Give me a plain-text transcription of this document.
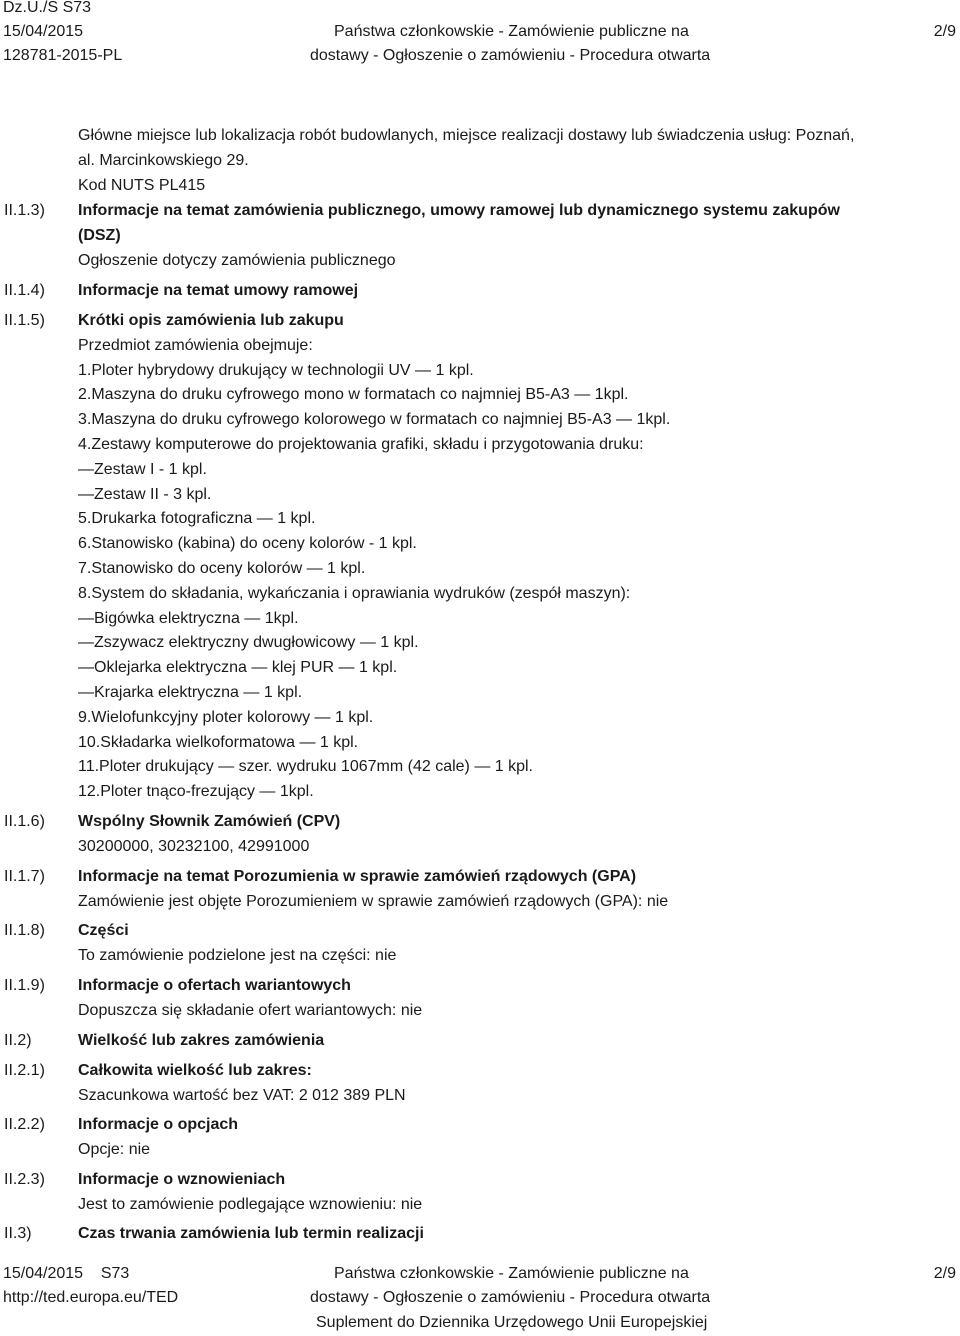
Dz.U./S S73
15/04/2015
128781-2015-PL
Państwa członkowskie - Zamówienie publiczne na
dostawy - Ogłoszenie o zamówieniu - Procedura otwarta
2/9
Główne miejsce lub lokalizacja robót budowlanych, miejsce realizacji dostawy lub świadczenia usług: Poznań,
al. Marcinkowskiego 29.
Kod NUTS PL415
II.1.3)	Informacje na temat zamówienia publicznego, umowy ramowej lub dynamicznego systemu zakupów
(DSZ)
Ogłoszenie dotyczy zamówienia publicznego
II.1.4)	Informacje na temat umowy ramowej
II.1.5)	Krótki opis zamówienia lub zakupu
Przedmiot zamówienia obejmuje:
1.Ploter hybrydowy drukujący w technologii UV — 1 kpl.
2.Maszyna do druku cyfrowego mono w formatach co najmniej B5-A3 — 1kpl.
3.Maszyna do druku cyfrowego kolorowego w formatach co najmniej B5-A3 — 1kpl.
4.Zestawy komputerowe do projektowania grafiki, składu i przygotowania druku:
—Zestaw I - 1 kpl.
—Zestaw II - 3 kpl.
5.Drukarka fotograficzna — 1 kpl.
6.Stanowisko (kabina) do oceny kolorów - 1 kpl.
7.Stanowisko do oceny kolorów — 1 kpl.
8.System do składania, wykańczania i oprawiania wydruków (zespół maszyn):
—Bigówka elektryczna — 1kpl.
—Zszywacz elektryczny dwugłowicowy — 1 kpl.
—Oklejarka elektryczna — klej PUR — 1 kpl.
—Krajarka elektryczna — 1 kpl.
9.Wielofunkcyjny ploter kolorowy — 1 kpl.
10.Składarka wielkoformatowa — 1 kpl.
11.Ploter drukujący — szer. wydruku 1067mm (42 cale) — 1 kpl.
12.Ploter tnąco-frezujący — 1kpl.
II.1.6)	Wspólny Słownik Zamówień (CPV)
30200000, 30232100, 42991000
II.1.7)	Informacje na temat Porozumienia w sprawie zamówień rządowych (GPA)
Zamówienie jest objęte Porozumieniem w sprawie zamówień rządowych (GPA): nie
II.1.8)	Części
To zamówienie podzielone jest na części: nie
II.1.9)	Informacje o ofertach wariantowych
Dopuszcza się składanie ofert wariantowych: nie
II.2)	Wielkość lub zakres zamówienia
II.2.1)	Całkowita wielkość lub zakres:
Szacunkowa wartość bez VAT: 2 012 389 PLN
II.2.2)	Informacje o opcjach
Opcje: nie
II.2.3)	Informacje o wznowieniach
Jest to zamówienie podlegające wznowieniu: nie
II.3)	Czas trwania zamówienia lub termin realizacji
15/04/2015 S73
http://ted.europa.eu/TED
Państwa członkowskie - Zamówienie publiczne na
dostawy - Ogłoszenie o zamówieniu - Procedura otwarta
Suplement do Dziennika Urzędowego Unii Europejskiej
2/9
